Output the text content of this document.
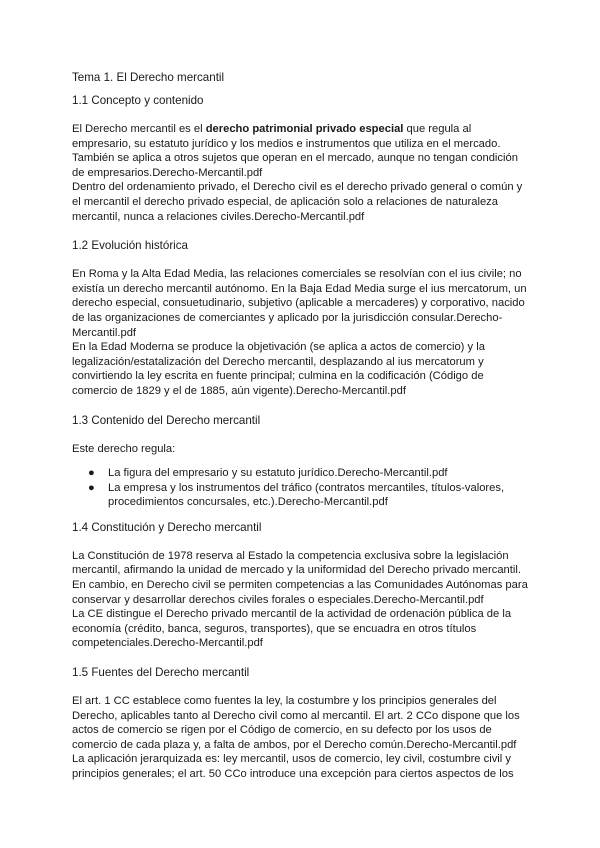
Tema 1. El Derecho mercantil
1.1 Concepto y contenido

El Derecho mercantil es el derecho patrimonial privado especial que regula al empresario, su estatuto jurídico y los medios e instrumentos que utiliza en el mercado. También se aplica a otros sujetos que operan en el mercado, aunque no tengan condición de empresarios.Derecho-Mercantil.pdf

Dentro del ordenamiento privado, el Derecho civil es el derecho privado general o común y el mercantil el derecho privado especial, de aplicación solo a relaciones de naturaleza mercantil, nunca a relaciones civiles.Derecho-Mercantil.pdf

1.2 Evolución histórica

En Roma y la Alta Edad Media, las relaciones comerciales se resolvían con el ius civile; no existía un derecho mercantil autónomo. En la Baja Edad Media surge el ius mercatorum, un derecho especial, consuetudinario, subjetivo (aplicable a mercaderes) y corporativo, nacido de las organizaciones de comerciantes y aplicado por la jurisdicción consular.Derecho-Mercantil.pdf

En la Edad Moderna se produce la objetivación (se aplica a actos de comercio) y la legalización/estatalización del Derecho mercantil, desplazando al ius mercatorum y convirtiendo la ley escrita en fuente principal; culmina en la codificación (Código de comercio de 1829 y el de 1885, aún vigente).Derecho-Mercantil.pdf

1.3 Contenido del Derecho mercantil

Este derecho regula:

● La figura del empresario y su estatuto jurídico.Derecho-Mercantil.pdf
● La empresa y los instrumentos del tráfico (contratos mercantiles, títulos-valores, procedimientos concursales, etc.).Derecho-Mercantil.pdf
1.4 Constitución y Derecho mercantil

La Constitución de 1978 reserva al Estado la competencia exclusiva sobre la legislación mercantil, afirmando la unidad de mercado y la uniformidad del Derecho privado mercantil. En cambio, en Derecho civil se permiten competencias a las Comunidades Autónomas para conservar y desarrollar derechos civiles forales o especiales.Derecho-Mercantil.pdf

La CE distingue el Derecho privado mercantil de la actividad de ordenación pública de la economía (crédito, banca, seguros, transportes), que se encuadra en otros títulos competenciales.Derecho-Mercantil.pdf

1.5 Fuentes del Derecho mercantil

El art. 1 CC establece como fuentes la ley, la costumbre y los principios generales del Derecho, aplicables tanto al Derecho civil como al mercantil. El art. 2 CCo dispone que los actos de comercio se rigen por el Código de comercio, en su defecto por los usos de comercio de cada plaza y, a falta de ambos, por el Derecho común.Derecho-Mercantil.pdf

La aplicación jerarquizada es: ley mercantil, usos de comercio, ley civil, costumbre civil y principios generales; el art. 50 CCo introduce una excepción para ciertos aspectos de los
